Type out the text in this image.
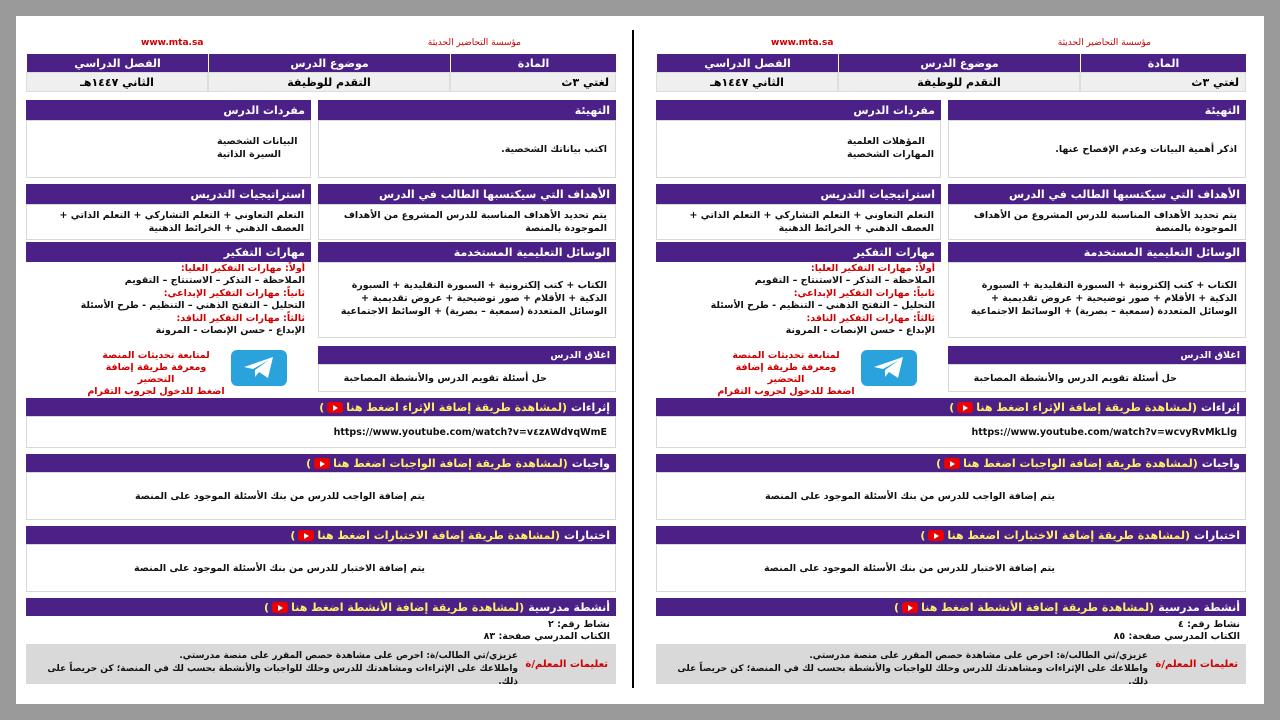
مؤسسة التحاضير الحديثة
www.mta.sa
المادة
موضوع الدرس
الفصل الدراسي
لغتي ٣ث
التقدم للوظيفة
الثاني ١٤٤٧هـ
التهيئة
اكتب بياناتك الشخصية.
مفردات الدرس
البيانات الشخصية
السيرة الذاتية
الأهداف التي سيكتسبها الطالب في الدرس
يتم تحديد الأهداف المناسبة للدرس المشروع من الأهداف الموجودة بالمنصة
استراتيجيات التدريس
التعلم التعاوني + التعلم التشاركي + التعلم الذاتي + العصف الذهني + الخرائط الذهنية
الوسائل التعليمية المستخدمة
الكتاب + كتب إلكترونية + السبورة التقليدية + السبورة الذكية + الأقلام + صور توضيحية + عروض تقديمية + الوسائل المتعددة (سمعية – بصرية) + الوسائط الاجتماعية
مهارات التفكير
أولاً: مهارات التفكير العليا:
الملاحظة – التذكر – الاستنتاج – التقويم
ثانياً: مهارات التفكير الإبداعي:
التحليل – التفتح الذهني – التنظيم - طرح الأسئلة
ثالثاً: مهارات التفكير الناقد:
الإبداع - حسن الإنصات - المرونة
لمتابعة تحديثات المنصة
ومعرفة طريقة إضافة التحضير
اضغط للدخول لجروب التقرام
اغلاق الدرس
حل أسئلة تقويم الدرس والأنشطة المصاحبة
إثراءات
(لمشاهدة طريقة إضافة الإثراء اضغط هنا)
https://www.youtube.com/watch?v=v٤z٨Wd٧qWmE
واجبات
(لمشاهدة طريقة إضافة الواجبات اضغط هنا)
يتم إضافة الواجب للدرس من بنك الأسئلة الموجود على المنصة
اختبارات
(لمشاهدة طريقة إضافة الاختبارات اضغط هنا)
يتم إضافة الاختبار للدرس من بنك الأسئلة الموجود على المنصة
أنشطة مدرسية
(لمشاهدة طريقة إضافة الأنشطة اضغط هنا)
نشاط رقم: ٢
الكتاب المدرسي صفحة: ٨٣
تعليمات المعلم/ة
عزيزي/تي الطالب/ة: احرص على مشاهدة حصص المقرر على منصة مدرستي.
واطلاعك على الإثراءات ومشاهدتك للدرس وحلك للواجبات والأنشطة بحسب لك في المنصة؛ كن حريصاً على ذلك.
مؤسسة التحاضير الحديثة
www.mta.sa
المادة
موضوع الدرس
الفصل الدراسي
لغتي ٣ث
التقدم للوظيفة
الثاني ١٤٤٧هـ
التهيئة
اذكر أهمية البيانات وعدم الإفصاح عنها.
مفردات الدرس
المؤهلات العلمية
المهارات الشخصية
الأهداف التي سيكتسبها الطالب في الدرس
يتم تحديد الأهداف المناسبة للدرس المشروع من الأهداف الموجودة بالمنصة
استراتيجيات التدريس
التعلم التعاوني + التعلم التشاركي + التعلم الذاتي + العصف الذهني + الخرائط الذهنية
الوسائل التعليمية المستخدمة
الكتاب + كتب إلكترونية + السبورة التقليدية + السبورة الذكية + الأقلام + صور توضيحية + عروض تقديمية + الوسائل المتعددة (سمعية – بصرية) + الوسائط الاجتماعية
مهارات التفكير
أولاً: مهارات التفكير العليا:
الملاحظة – التذكر – الاستنتاج – التقويم
ثانياً: مهارات التفكير الإبداعي:
التحليل – التفتح الذهني – التنظيم - طرح الأسئلة
ثالثاً: مهارات التفكير الناقد:
الإبداع - حسن الإنصات - المرونة
لمتابعة تحديثات المنصة
ومعرفة طريقة إضافة التحضير
اضغط للدخول لجروب التقرام
اغلاق الدرس
حل أسئلة تقويم الدرس والأنشطة المصاحبة
إثراءات
(لمشاهدة طريقة إضافة الإثراء اضغط هنا)
https://www.youtube.com/watch?v=wcvyRvMkLlg
واجبات
(لمشاهدة طريقة إضافة الواجبات اضغط هنا)
يتم إضافة الواجب للدرس من بنك الأسئلة الموجود على المنصة
اختبارات
(لمشاهدة طريقة إضافة الاختبارات اضغط هنا)
يتم إضافة الاختبار للدرس من بنك الأسئلة الموجود على المنصة
أنشطة مدرسية
(لمشاهدة طريقة إضافة الأنشطة اضغط هنا)
نشاط رقم: ٤
الكتاب المدرسي صفحة: ٨٥
تعليمات المعلم/ة
عزيزي/تي الطالب/ة: احرص على مشاهدة حصص المقرر على منصة مدرستي.
واطلاعك على الإثراءات ومشاهدتك للدرس وحلك للواجبات والأنشطة بحسب لك في المنصة؛ كن حريصاً على ذلك.
